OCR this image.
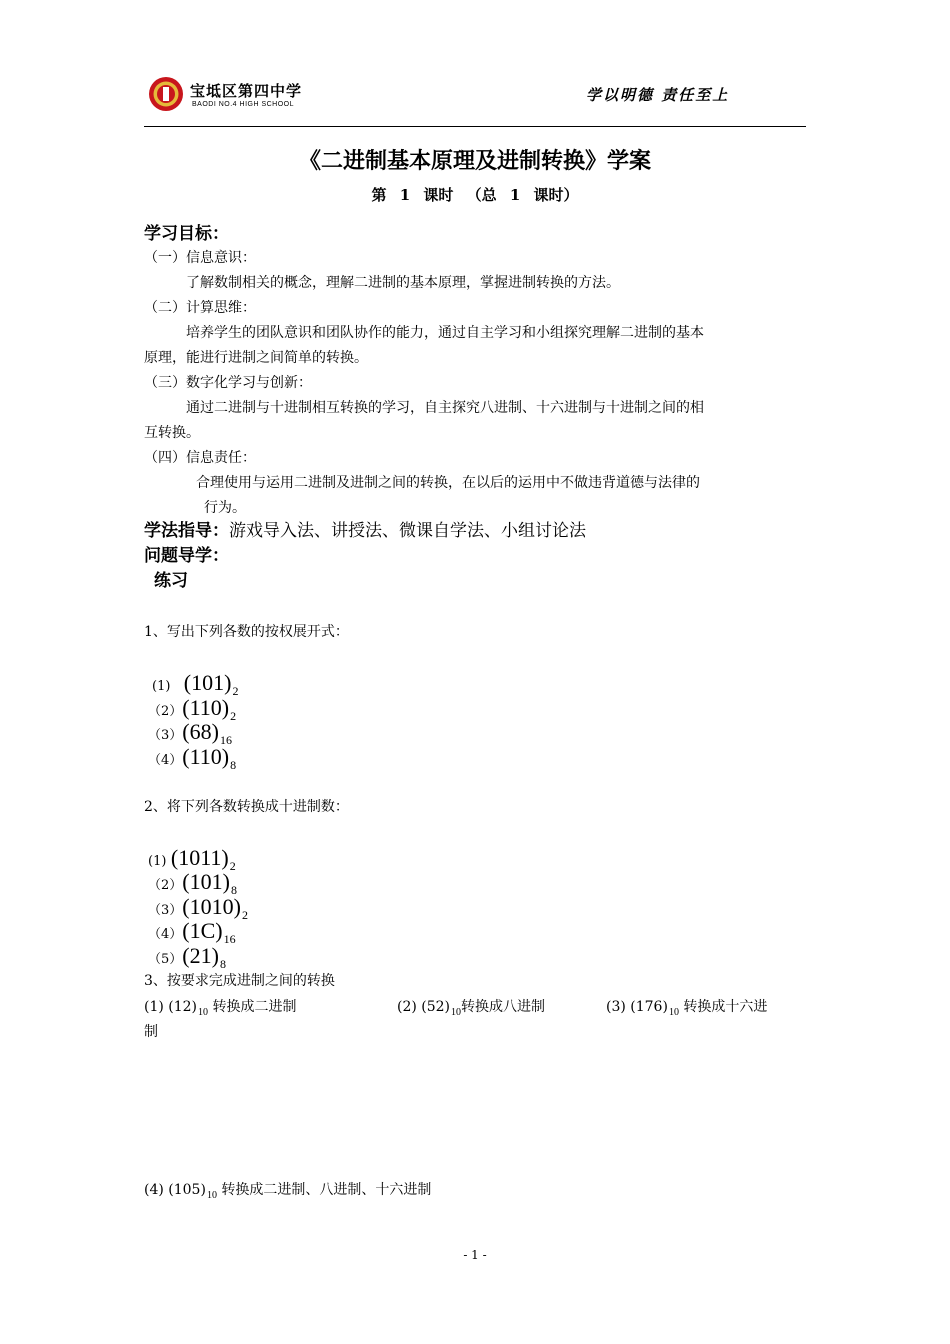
宝坻区第四中学
BAODI NO.4 HIGH SCHOOL
学以明德 责任至上
《二进制基本原理及进制转换》学案
第 1 课时 （总 1 课时）
学习目标：
（一）信息意识：
了解数制相关的概念，理解二进制的基本原理，掌握进制转换的方法。
（二）计算思维：
培养学生的团队意识和团队协作的能力，通过自主学习和小组探究理解二进制的基本
原理，能进行进制之间简单的转换。
（三）数字化学习与创新：
通过二进制与十进制相互转换的学习，自主探究八进制、十六进制与十进制之间的相
互转换。
（四）信息责任：
合理使用与运用二进制及进制之间的转换，在以后的运用中不做违背道德与法律的
行为。
学法指导：游戏导入法、讲授法、微课自学法、小组讨论法
问题导学：
练习
1、写出下列各数的按权展开式：
(1) (101)2
（2）(110)2
（3）(68)16
（4）(110)8
2、将下列各数转换成十进制数：
(1) (1011)2
（2）(101)8
（3）(1010)2
（4）(1C)16
（5）(21)8
3、按要求完成进制之间的转换
(1) $(12)_{10}$ 转换成二进制	(2) $(52)_{10}$转换成八进制	(3) $(176)_{10}$ 转换成十六进
制
(4) $(105)_{10}$ 转换成二进制、八进制、十六进制
- 1 -
